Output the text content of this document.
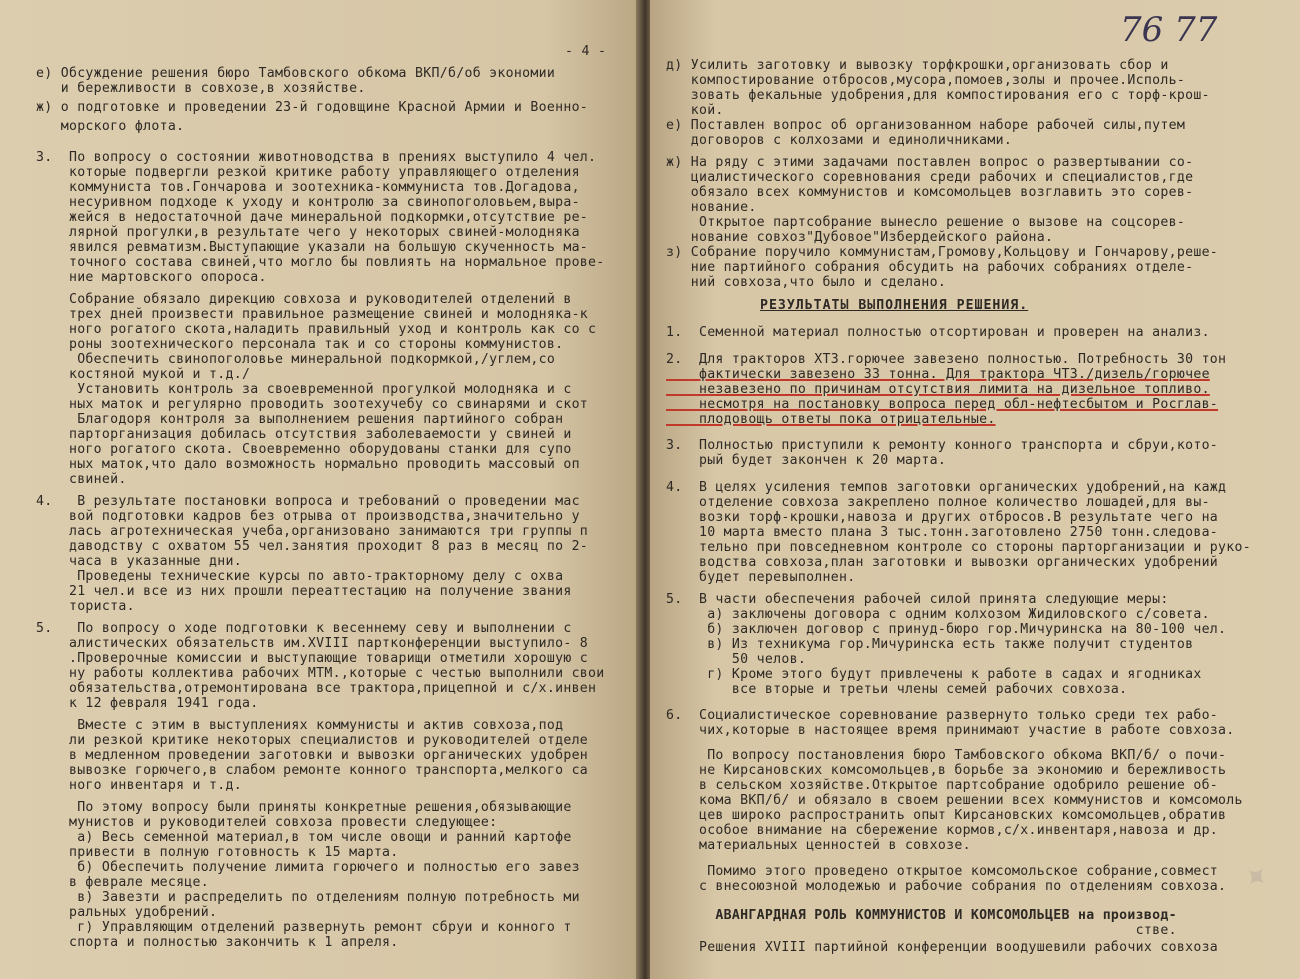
- 4 -
е) Обсуждение решения бюро Тамбовского обкома ВКП/б/об экономии
и бережливости в совхозе,в хозяйстве.
ж) о подготовке и проведении 23-й годовщине Красной Армии и Военно-
морского флота.
3.  По вопросу о состоянии животноводства в прениях выступило 4 чел.
которые подвергли резкой критике работу управляющего отделения
коммуниста тов.Гончарова и зоотехника-коммуниста тов.Догадова,
несуривном подходе к уходу и контролю за свинопоголовьем,выра-
жейся в недостаточной даче минеральной подкормки,отсутствие ре-
лярной прогулки,в результате чего у некоторых свиней-молодняка
явился ревматизм.Выступающие указали на большую скученность ма-
точного состава свиней,что могло бы повлиять на нормальное прове-
ние мартовского опороса.
Собрание обязало дирекцию совхоза и руководителей отделений в
трех дней произвести правильное размещение свиней и молодняка-к
ного рогатого скота,наладить правильный уход и контроль как со с
роны зоотехнического персонала так и со стороны коммунистов.
Обеспечить свинопоголовье минеральной подкормкой,/углем,со
костяной мукой и т.д./
Установить контроль за своевременной прогулкой молодняка и с
ных маток и регулярно проводить зоотехучебу со свинарями и скот
Благодоря контроля за выполнением решения партийного собран
парторганизация добилась отсутствия заболеваемости у свиней и
ного рогатого скота. Своевременно оборудованы станки для супо
ных маток,что дало возможность нормально проводить массовый оп
свиней.
4.   В результате постановки вопроса и требований о проведении мас
вой подготовки кадров без отрыва от производства,значительно у
лась агротехническая учеба,организовано занимаются три группы п
даводству с охватом 55 чел.занятия проходит 8 раз в месяц по 2-
часа в указанные дни.
Проведены технические курсы по авто-тракторному делу с охва
21 чел.и все из них прошли переаттестацию на получение звания
ториста.
5.   По вопросу о ходе подготовки к весеннему севу и выполнении с
алистических обязательств им.XVIII партконференции выступило- 8
.Проверочные комиссии и выступающие товарищи отметили хорошую с
ну работы коллектива рабочих МТМ.,которые с честью выполнили свои
обязательства,отремонтирована все трактора,прицепной и с/х.инвен
к 12 февраля 1941 года.
Вместе с этим в выступлениях коммунисты и актив совхоза,под
ли резкой критике некоторых специалистов и руководителей отделе
в медленном проведении заготовки и вывозки органических удобрен
вывозке горючего,в слабом ремонте конного транспорта,мелкого са
ного инвентаря и т.д.
По этому вопросу были приняты конкретные решения,обязывающие
мунистов и руководителей совхоза провести следующее:
а) Весь семенной материал,в том числе овощи и ранний картофе
привести в полную готовность к 15 марта.
б) Обеспечить получение лимита горючего и полностью его завез
в феврале месяце.
в) Завезти и распределить по отделениям полную потребность ми
ральных удобрений.
г) Управляющим отделений развернуть ремонт сбруи и конного т
спорта и полностью закончить к 1 апреля.
76 77
д) Усилить заготовку и вывозку торфкрошки,организовать сбор и
компостирование отбросов,мусора,помоев,золы и прочее.Исполь-
зовать фекальные удобрения,для компостирования его с торф-крош-
кой.
е) Поставлен вопрос об организованном наборе рабочей силы,путем
договоров с колхозами и единоличниками.
ж) На ряду с этими задачами поставлен вопрос о развертывании со-
циалистического соревнования среди рабочих и специалистов,где
обязало всех коммунистов и комсомольцев возглавить это сорев-
нование.
Открытое партсобрание вынесло решение о вызове на соцсорев-
нование совхоз"Дубовое"Избердейского района.
з) Собрание поручило коммунистам,Громову,Кольцову и Гончарову,реше-
ние партийного собрания обсудить на рабочих собраниях отделе-
ний совхоза,что было и сделано.
РЕЗУЛЬТАТЫ ВЫПОЛНЕНИЯ РЕШЕНИЯ.
1.  Семенной материал полностью отсортирован и проверен на анализ.
2.  Для тракторов ХТЗ.горючее завезено полностью. Потребность 30 тон
фактически завезено 33 тонна. Для трактора ЧТЗ./дизель/горючее
незавезено по причинам отсутствия лимита на дизельное топливо.
несмотря на постановку вопроса перед обл-нефтесбытом и Росглав-
плодовощь ответы пока отрицательные.
3.  Полностью приступили к ремонту конного транспорта и сбруи,кото-
рый будет закончен к 20 марта.
4.  В целях усиления темпов заготовки органических удобрений,на кажд
отделение совхоза закреплено полное количество лошадей,для вы-
возки торф-крошки,навоза и других отбросов.В результате чего на
10 марта вместо плана 3 тыс.тонн.заготовлено 2750 тонн.следова-
тельно при повседневном контроле со стороны парторганизации и руко-
водства совхоза,план заготовки и вывозки органических удобрений
будет перевыполнен.
5.  В части обеспечения рабочей силой принята следующие меры:
а) заключены договора с одним колхозом Жидиловского с/совета.
б) заключен договор с принуд-бюро гор.Мичуринска на 80-100 чел.
в) Из техникума гор.Мичуринска есть также получит студентов
50 челов.
г) Кроме этого будут привлечены к работе в садах и ягодниках
все вторые и третьи члены семей рабочих совхоза.
6.  Социалистическое соревнование развернуто только среди тех рабо-
чих,которые в настоящее время принимают участие в работе совхоза.
По вопросу постановления бюро Тамбовского обкома ВКП/б/ о почи-
не Кирсановских комсомольцев,в борьбе за экономию и бережливость
в сельском хозяйстве.Открытое партсобрание одобрило решение об-
кома ВКП/б/ и обязало в своем решении всех коммунистов и комсомоль
цев широко распространить опыт Кирсановских комсомольцев,обратив
особое внимание на сбережение кормов,с/х.инвентаря,навоза и др.
материальных ценностей в совхозе.
Помимо этого проведено открытое комсомольское собрание,совмест
с внесоюзной молодежью и рабочие собрания по отделениям совхоза.
АВАНГАРДНАЯ РОЛЬ КОММУНИСТОВ И КОМСОМОЛЬЦЕВ на производ-
стве.
Решения XVIII партийной конференции воодушевили рабочих совхоза
✦
